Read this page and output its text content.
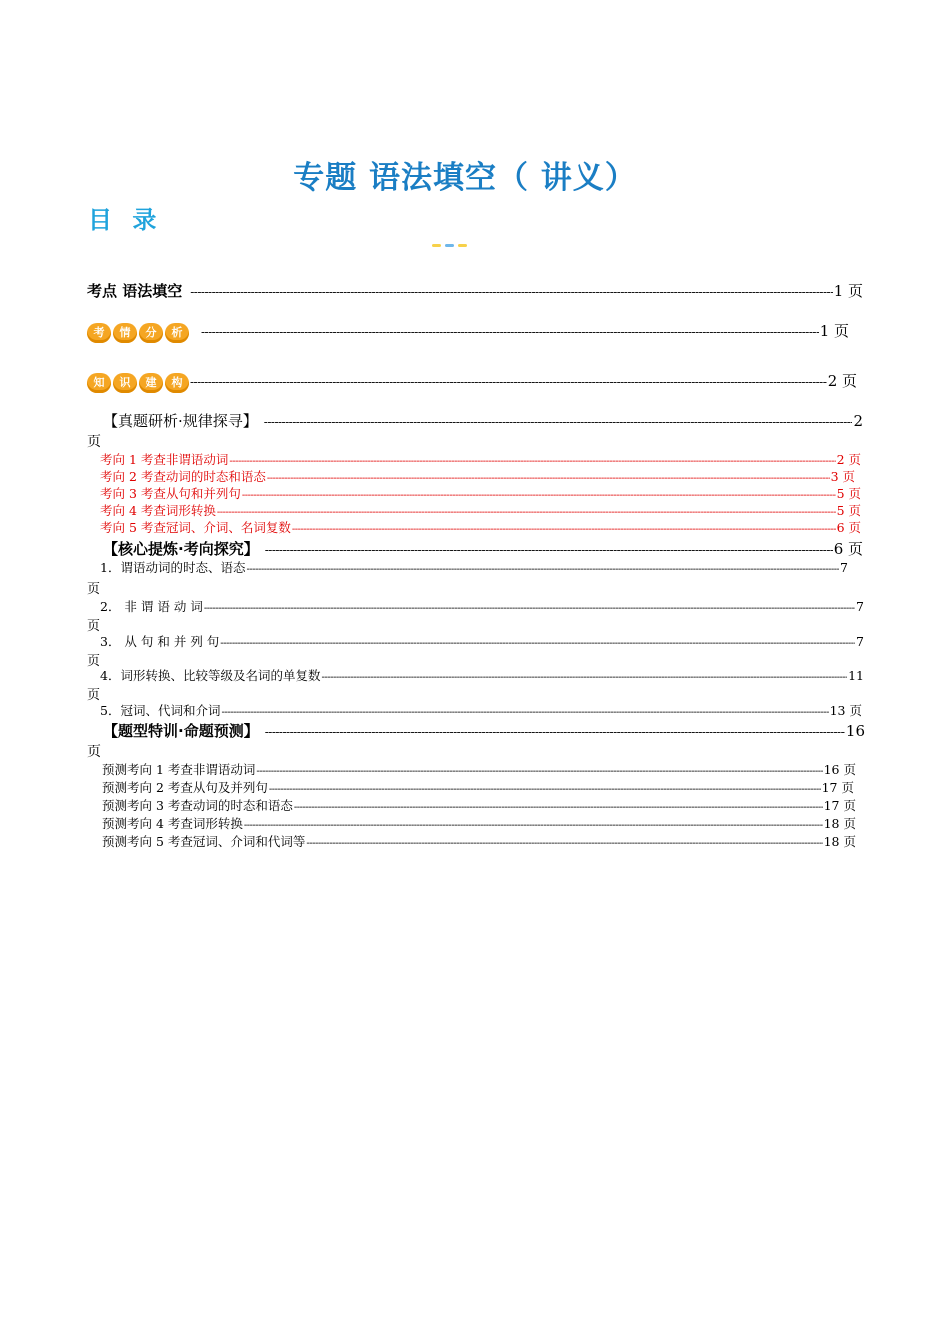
专题 语法填空（ 讲义）
目 录
考点 语法填空 -----	1 页
考	情	分	析 -----	1 页
知	识	建	构 -----	2 页
【真题研析·规律探寻】 -----	2
页
考向 1 考查非谓语动词 -----	2 页
考向 2 考查动词的时态和语态 -----	3 页
考向 3 考查从句和并列句 -----	5 页
考向 4 考查词形转换 -----	5 页
考向 5 考查冠词、介词、名词复数 -----	6 页
【核心提炼·考向探究】 -----	6 页
1．谓语动词的时态、语态 -----	7
页
2． 非 谓 语 动 词 -----	7
页
3． 从 句 和 并 列 句 -----	7
页
4．词形转换、比较等级及名词的单复数 -----	11
页
5．冠词、代词和介词 -----	13 页
【题型特训·命题预测】 -----	16
页
预测考向 1 考查非谓语动词 -----	16 页
预测考向 2 考查从句及并列句 -----	17 页
预测考向 3 考查动词的时态和语态 -----	17 页
预测考向 4 考查词形转换 -----	18 页
预测考向 5 考查冠词、介词和代词等 -----	18 页
